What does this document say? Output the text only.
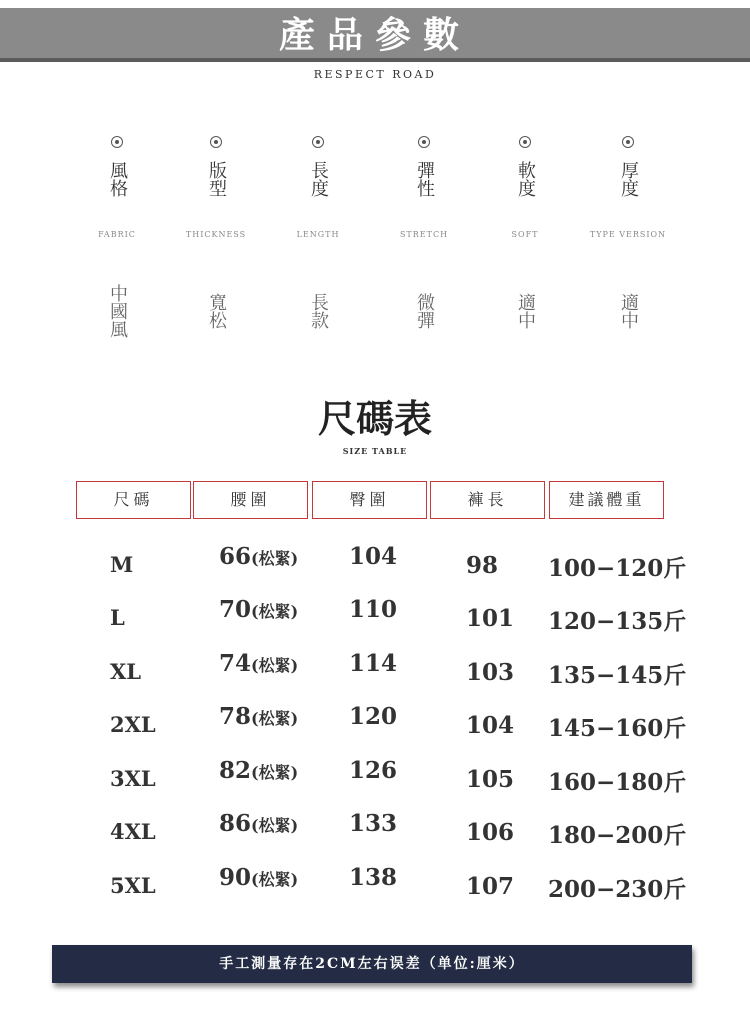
產品參數
RESPECT ROAD
風格
FABRIC
中國風
版型
THICKNESS
寬松
長度
LENGTH
長款
彈性
STRETCH
微彈
軟度
SOFT
適中
厚度
TYPE VERSION
適中
尺碼表
SIZE TABLE
尺碼	腰圍	臀圍	褲長	建議體重
M	66(松緊) 104	98 100−120斤
L	70(松緊) 110	101 120−135斤
XL	74(松緊) 114	103 135−145斤
2XL	78(松緊) 120	104 145−160斤
3XL	82(松緊) 126	105 160−180斤
4XL	86(松緊) 133	106 180−200斤
5XL	90(松緊) 138	107 200−230斤
手工測量存在2CM左右误差（单位:厘米）
